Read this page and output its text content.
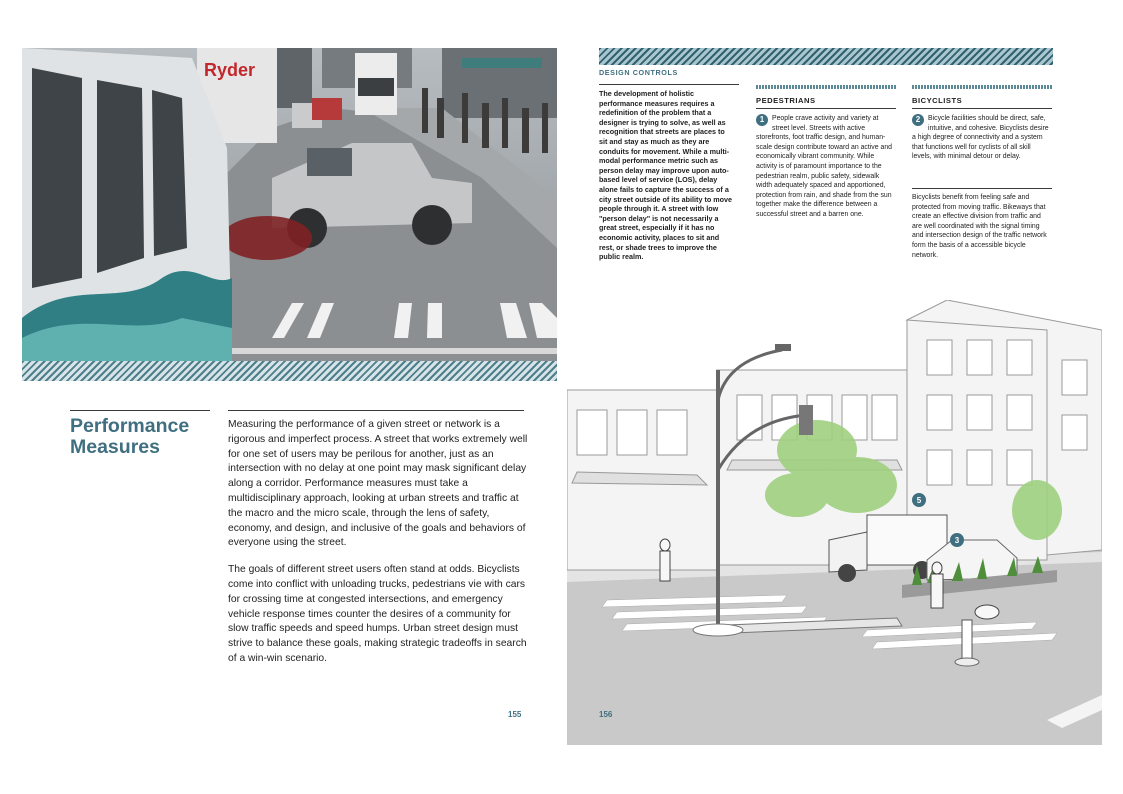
Ryder
Performance Measures

Measuring the performance of a given street or network is a rigorous and imperfect process. A street that works extremely well for one set of users may be perilous for another, just as an intersection with no delay at one point may mask significant delay along a corridor. Performance measures must take a multidisciplinary approach, looking at urban streets and traffic at the macro and the micro scale, through the lens of safety, economy, and design, and inclusive of the goals and behaviors of everyone using the street.

The goals of different street users often stand at odds. Bicyclists come into conflict with unloading trucks, pedestrians vie with cars for crossing time at congested intersections, and emergency vehicle response times counter the desires of a community for slow traffic speeds and speed humps. Urban street design must strive to balance these goals, making strategic tradeoffs in search of a win-win scenario.

155
DESIGN CONTROLS
The development of holistic performance measures requires a redefinition of the problem that a designer is trying to solve, as well as recognition that streets are places to sit and stay as much as they are conduits for movement. While a multi-modal performance metric such as person delay may improve upon auto-based level of service (LOS), delay alone fails to capture the success of a city street outside of its ability to move people through it. A street with low "person delay" is not necessarily a great street, especially if it has no economic activity, places to sit and rest, or shade trees to improve the public realm.
PEDESTRIANS
1	People crave activity and variety at street level. Streets with active storefronts, foot traffic design, and human-scale design contribute toward an active and economically vibrant community. While activity is of paramount importance to the pedestrian realm, public safety, sidewalk width adequately spaced and apportioned, protection from rain, and shade from the sun together make the difference between a successful street and a barren one.
BICYCLISTS
2	Bicycle facilities should be direct, safe, intuitive, and cohesive. Bicyclists desire a high degree of connectivity and a system that functions well for cyclists of all skill levels, with minimal detour or delay.
Bicyclists benefit from feeling safe and protected from moving traffic. Bikeways that create an effective division from traffic and are well coordinated with the signal timing and intersection design of the traffic network form the basis of a accessible bicycle network.
5
3
156
